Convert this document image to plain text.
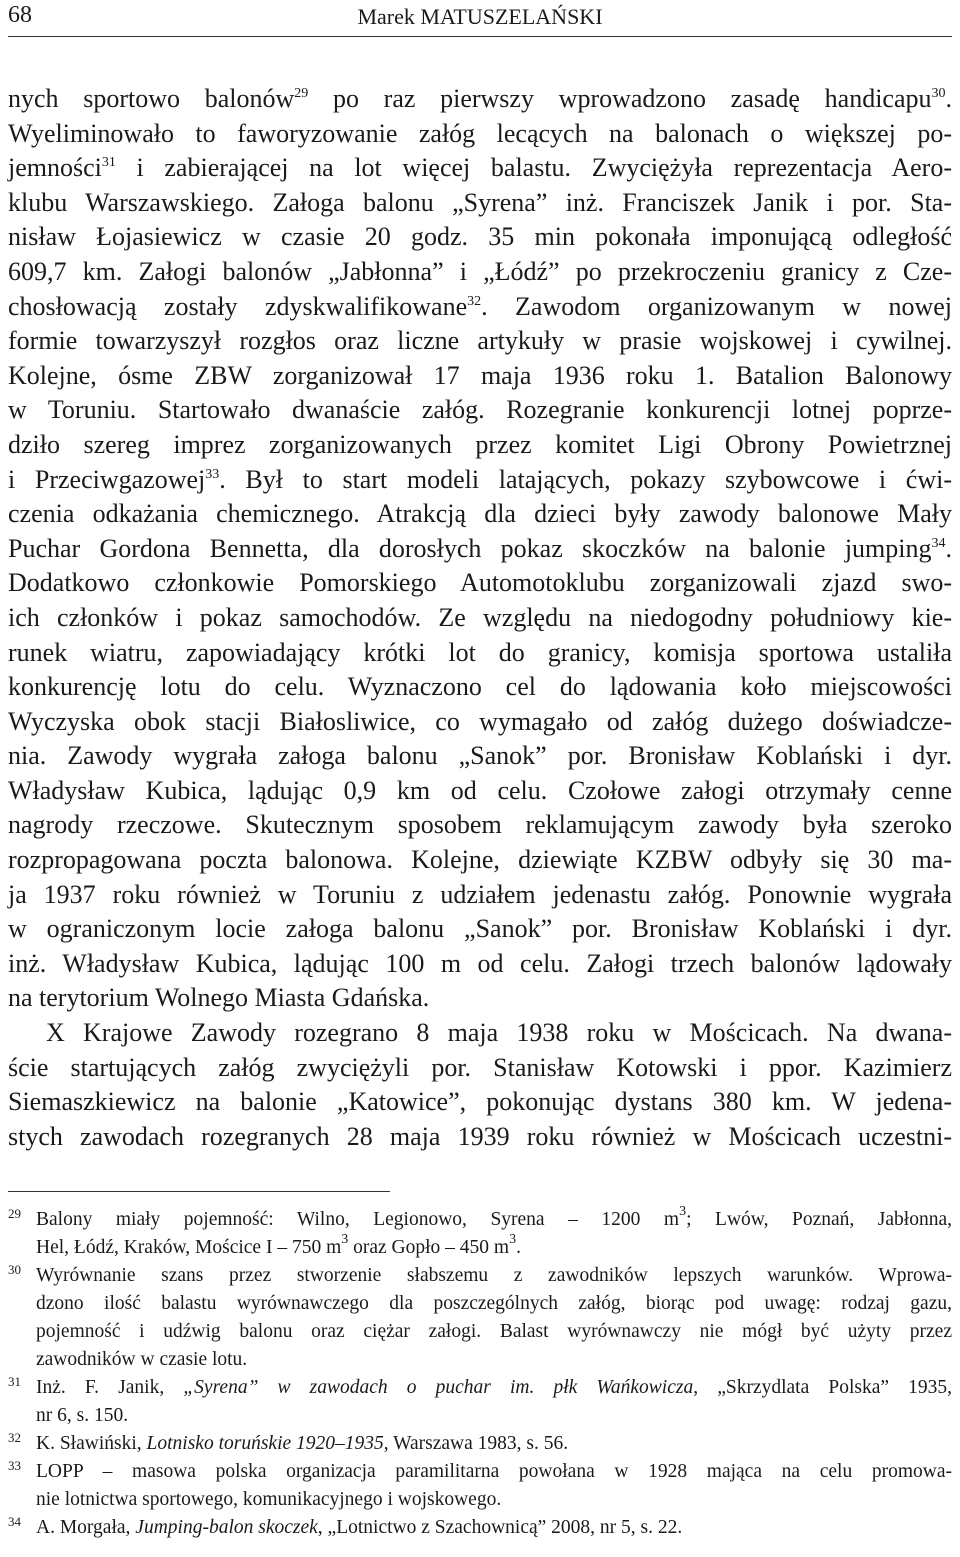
68	Marek MATUSZELAŃSKI
nych sportowo balonów$^{29}$ po raz pierwszy wprowadzono zasadę handicapu$^{30}$.
Wyeliminowało to faworyzowanie załóg lecących na balonach o większej po-
jemności$^{31}$ i zabierającej na lot więcej balastu. Zwyciężyła reprezentacja Aero-
klubu Warszawskiego. Załoga balonu „Syrena” inż. Franciszek Janik i por. Sta-
nisław Łojasiewicz w czasie 20 godz. 35 min pokonała imponującą odległość
609,7 km. Załogi balonów „Jabłonna” i „Łódź” po przekroczeniu granicy z Cze-
chosłowacją zostały zdyskwalifikowane$^{32}$. Zawodom organizowanym w nowej
formie towarzyszył rozgłos oraz liczne artykuły w prasie wojskowej i cywilnej.
Kolejne, ósme ZBW zorganizował 17 maja 1936 roku 1. Batalion Balonowy
w Toruniu. Startowało dwanaście załóg. Rozegranie konkurencji lotnej poprze-
dziło szereg imprez zorganizowanych przez komitet Ligi Obrony Powietrznej
i Przeciwgazowej$^{33}$. Był to start modeli latających, pokazy szybowcowe i ćwi-
czenia odkażania chemicznego. Atrakcją dla dzieci były zawody balonowe Mały
Puchar Gordona Bennetta, dla dorosłych pokaz skoczków na balonie jumping$^{34}$.
Dodatkowo członkowie Pomorskiego Automotoklubu zorganizowali zjazd swo-
ich członków i pokaz samochodów. Ze względu na niedogodny południowy kie-
runek wiatru, zapowiadający krótki lot do granicy, komisja sportowa ustaliła
konkurencję lotu do celu. Wyznaczono cel do lądowania koło miejscowości
Wyczyska obok stacji Białosliwice, co wymagało od załóg dużego doświadcze-
nia. Zawody wygrała załoga balonu „Sanok” por. Bronisław Koblański i dyr.
Władysław Kubica, lądując 0,9 km od celu. Czołowe załogi otrzymały cenne
nagrody rzeczowe. Skutecznym sposobem reklamującym zawody była szeroko
rozpropagowana poczta balonowa. Kolejne, dziewiąte KZBW odbyły się 30 ma-
ja 1937 roku również w Toruniu z udziałem jedenastu załóg. Ponownie wygrała
w ograniczonym locie załoga balonu „Sanok” por. Bronisław Koblański i dyr.
inż. Władysław Kubica, lądując 100 m od celu. Załogi trzech balonów lądowały
na terytorium Wolnego Miasta Gdańska.
X Krajowe Zawody rozegrano 8 maja 1938 roku w Mościcach. Na dwana-
ście startujących załóg zwyciężyli por. Stanisław Kotowski i ppor. Kazimierz
Siemaszkiewicz na balonie „Katowice”, pokonując dystans 380 km. W jedena-
stych zawodach rozegranych 28 maja 1939 roku również w Mościcach uczestni-
29 Balony miały pojemność: Wilno, Legionowo, Syrena – 1200 $m^3$; Lwów, Poznań, Jabłonna,
Hel, Łódź, Kraków, Mościce I – 750 $m^3$ oraz Gopło – 450 $m^3$.
30 Wyrównanie szans przez stworzenie słabszemu z zawodników lepszych warunków. Wprowa-
dzono ilość balastu wyrównawczego dla poszczególnych załóg, biorąc pod uwagę: rodzaj gazu,
pojemność i udźwig balonu oraz ciężar załogi. Balast wyrównawczy nie mógł być użyty przez
zawodników w czasie lotu.
31 Inż. F. Janik, „Syrena” w zawodach o puchar im. płk Wańkowicza, „Skrzydlata Polska” 1935,
nr 6, s. 150.
32 K. Sławiński, Lotnisko toruńskie 1920–1935, Warszawa 1983, s. 56.
33 LOPP – masowa polska organizacja paramilitarna powołana w 1928 mająca na celu promowa-
nie lotnictwa sportowego, komunikacyjnego i wojskowego.
34 A. Morgała, Jumping-balon skoczek, „Lotnictwo z Szachownicą” 2008, nr 5, s. 22.
